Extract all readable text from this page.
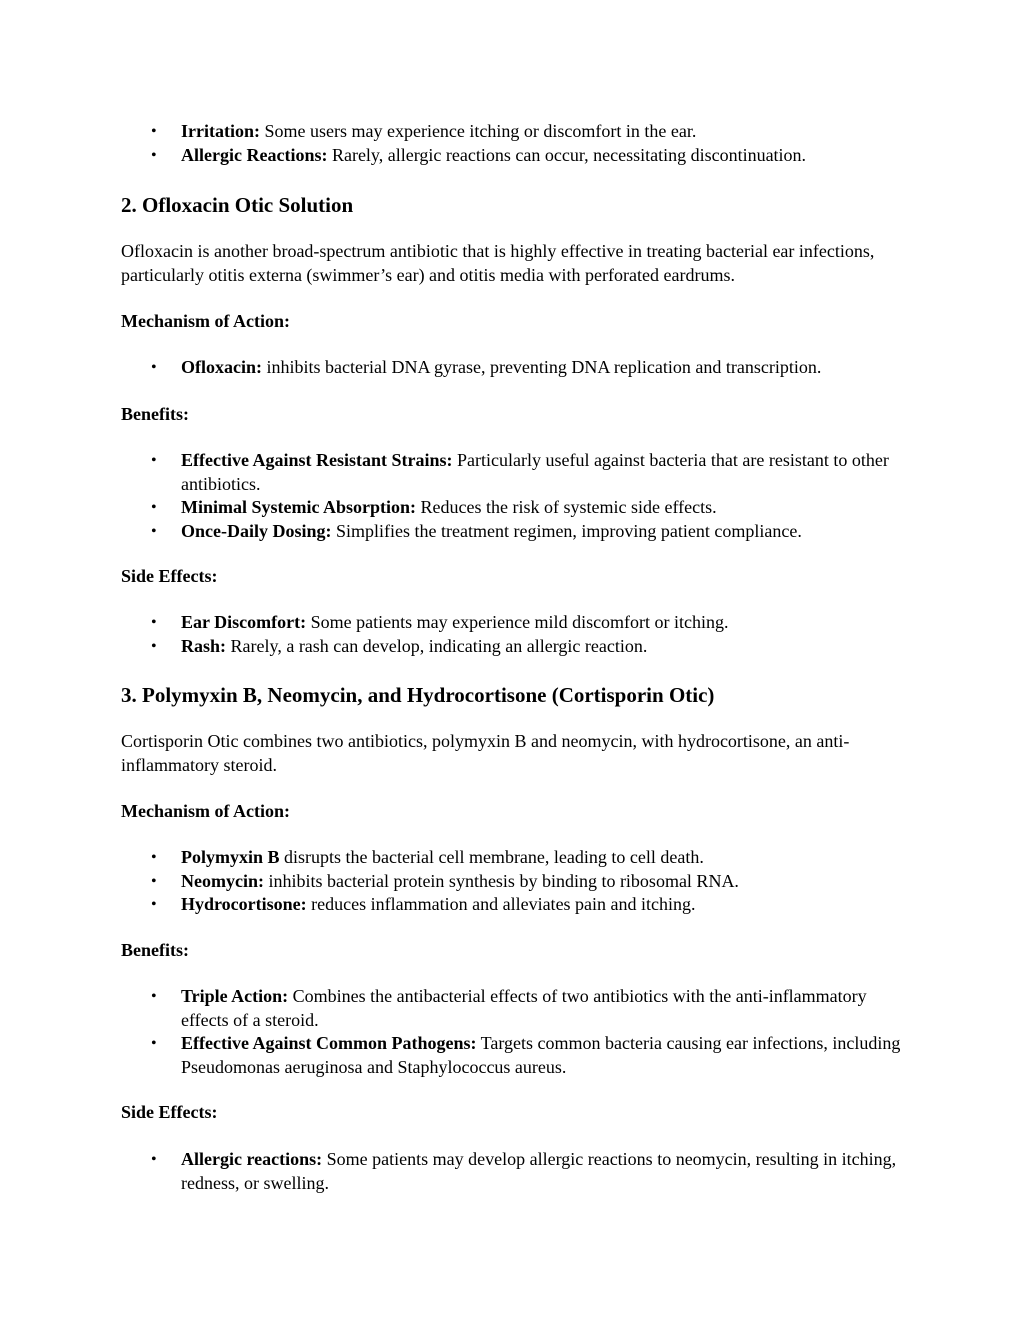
• Irritation: Some users may experience itching or discomfort in the ear.
• Allergic Reactions: Rarely, allergic reactions can occur, necessitating discontinuation.
2. Ofloxacin Otic Solution
Ofloxacin is another broad-spectrum antibiotic that is highly effective in treating bacterial ear infections, particularly otitis externa (swimmer’s ear) and otitis media with perforated eardrums.
Mechanism of Action:
• Ofloxacin: inhibits bacterial DNA gyrase, preventing DNA replication and transcription.
Benefits:
• Effective Against Resistant Strains: Particularly useful against bacteria that are resistant to other antibiotics.
• Minimal Systemic Absorption: Reduces the risk of systemic side effects.
• Once-Daily Dosing: Simplifies the treatment regimen, improving patient compliance.
Side Effects:
• Ear Discomfort: Some patients may experience mild discomfort or itching.
• Rash: Rarely, a rash can develop, indicating an allergic reaction.
3. Polymyxin B, Neomycin, and Hydrocortisone (Cortisporin Otic)
Cortisporin Otic combines two antibiotics, polymyxin B and neomycin, with hydrocortisone, an anti-inflammatory steroid.
Mechanism of Action:
• Polymyxin B disrupts the bacterial cell membrane, leading to cell death.
• Neomycin: inhibits bacterial protein synthesis by binding to ribosomal RNA.
• Hydrocortisone: reduces inflammation and alleviates pain and itching.
Benefits:
• Triple Action: Combines the antibacterial effects of two antibiotics with the anti-inflammatory effects of a steroid.
• Effective Against Common Pathogens: Targets common bacteria causing ear infections, including Pseudomonas aeruginosa and Staphylococcus aureus.
Side Effects:
• Allergic reactions: Some patients may develop allergic reactions to neomycin, resulting in itching, redness, or swelling.
